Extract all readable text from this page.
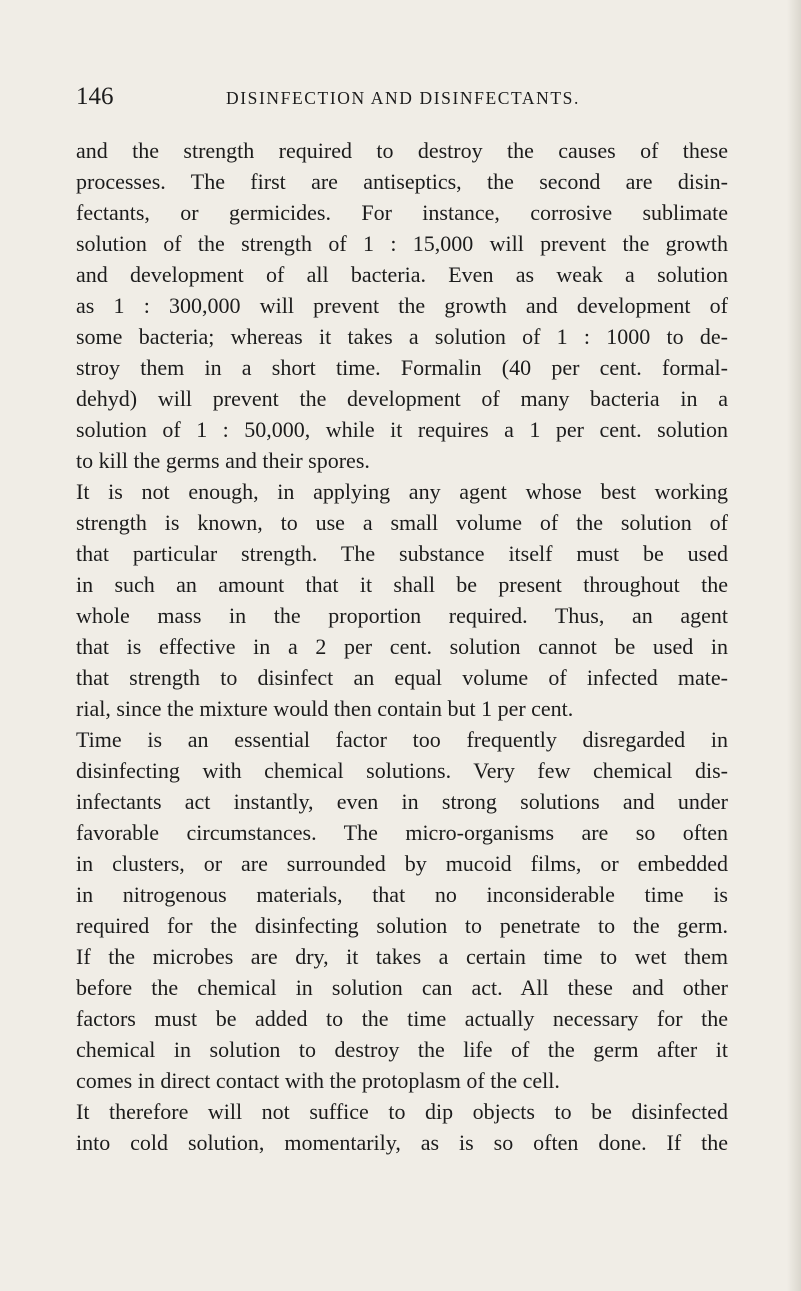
146	DISINFECTION AND DISINFECTANTS.
and the strength required to destroy the causes of these
processes. The first are antiseptics, the second are disin-
fectants, or germicides. For instance, corrosive sublimate
solution of the strength of 1 : 15,000 will prevent the growth
and development of all bacteria. Even as weak a solution
as 1 : 300,000 will prevent the growth and development of
some bacteria; whereas it takes a solution of 1 : 1000 to de-
stroy them in a short time. Formalin (40 per cent. formal-
dehyd) will prevent the development of many bacteria in a
solution of 1 : 50,000, while it requires a 1 per cent. solution
to kill the germs and their spores.
It is not enough, in applying any agent whose best working
strength is known, to use a small volume of the solution of
that particular strength. The substance itself must be used
in such an amount that it shall be present throughout the
whole mass in the proportion required. Thus, an agent
that is effective in a 2 per cent. solution cannot be used in
that strength to disinfect an equal volume of infected mate-
rial, since the mixture would then contain but 1 per cent.
Time is an essential factor too frequently disregarded in
disinfecting with chemical solutions. Very few chemical dis-
infectants act instantly, even in strong solutions and under
favorable circumstances. The micro-organisms are so often
in clusters, or are surrounded by mucoid films, or embedded
in nitrogenous materials, that no inconsiderable time is
required for the disinfecting solution to penetrate to the germ.
If the microbes are dry, it takes a certain time to wet them
before the chemical in solution can act. All these and other
factors must be added to the time actually necessary for the
chemical in solution to destroy the life of the germ after it
comes in direct contact with the protoplasm of the cell.
It therefore will not suffice to dip objects to be disinfected
into cold solution, momentarily, as is so often done. If the
